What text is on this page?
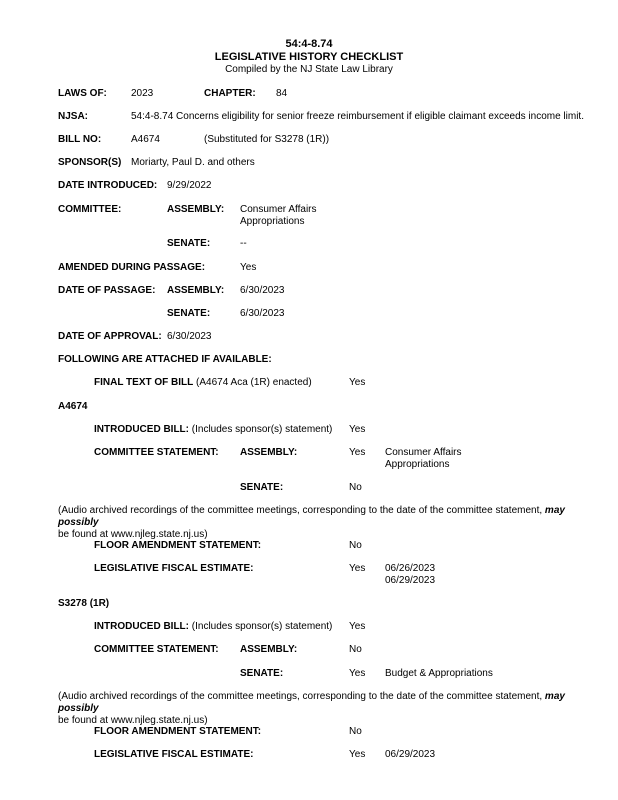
54:4-8.74
LEGISLATIVE HISTORY CHECKLIST
Compiled by the NJ State Law Library
LAWS OF: 2023	CHAPTER: 84
NJSA:	54:4-8.74 Concerns eligibility for senior freeze reimbursement if eligible claimant exceeds income limit.
BILL NO:	A4674	(Substituted for S3278 (1R))
SPONSOR(S) Moriarty, Paul D. and others
DATE INTRODUCED: 9/29/2022
COMMITTEE:	ASSEMBLY: Consumer Affairs
Appropriations
SENATE:	--
AMENDED DURING PASSAGE:	Yes
DATE OF PASSAGE: ASSEMBLY: 6/30/2023
SENATE:	6/30/2023
DATE OF APPROVAL: 6/30/2023
FOLLOWING ARE ATTACHED IF AVAILABLE:
FINAL TEXT OF BILL (A4674 Aca (1R) enacted)	Yes
A4674
INTRODUCED BILL: (Includes sponsor(s) statement) Yes
COMMITTEE STATEMENT: ASSEMBLY:	Yes Consumer Affairs
Appropriations
SENATE:	No
(Audio archived recordings of the committee meetings, corresponding to the date of the committee statement, may possibly
be found at www.njleg.state.nj.us)
FLOOR AMENDMENT STATEMENT:	No
LEGISLATIVE FISCAL ESTIMATE:	Yes 06/26/2023
06/29/2023
S3278 (1R)
INTRODUCED BILL: (Includes sponsor(s) statement) Yes
COMMITTEE STATEMENT: ASSEMBLY:	No
SENATE:	Yes Budget & Appropriations
(Audio archived recordings of the committee meetings, corresponding to the date of the committee statement, may possibly
be found at www.njleg.state.nj.us)
FLOOR AMENDMENT STATEMENT:	No
LEGISLATIVE FISCAL ESTIMATE:	Yes 06/29/2023
